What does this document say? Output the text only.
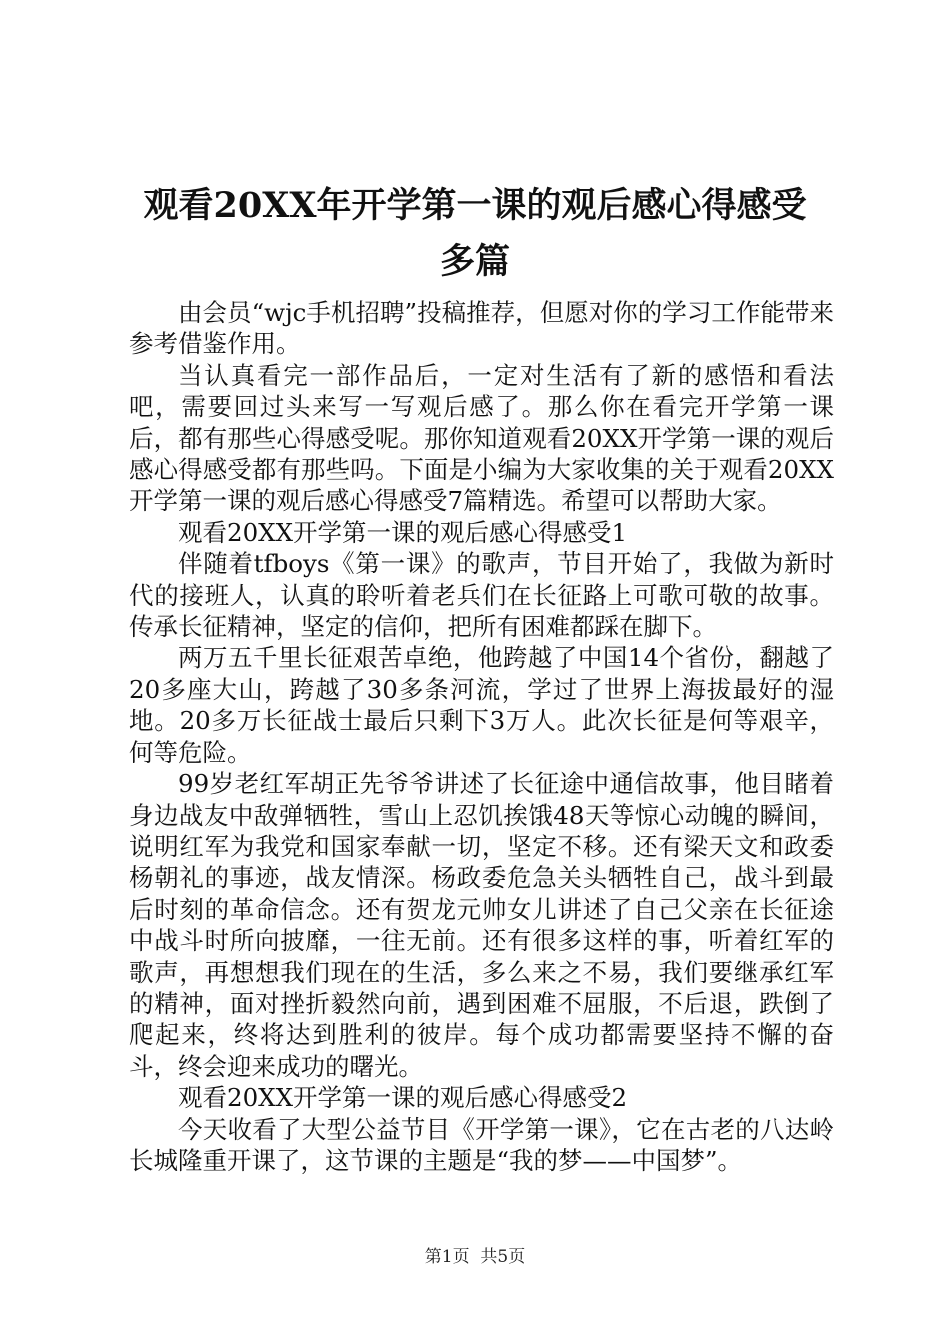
观看20XX年开学第一课的观后感心得感受多篇

由会员“wjc手机招聘”投稿推荐，但愿对你的学习工作能带来参考借鉴作用。

当认真看完一部作品后，一定对生活有了新的感悟和看法吧，需要回过头来写一写观后感了。那么你在看完开学第一课后，都有那些心得感受呢。那你知道观看20XX开学第一课的观后感心得感受都有那些吗。下面是小编为大家收集的关于观看20XX开学第一课的观后感心得感受7篇精选。希望可以帮助大家。

观看20XX开学第一课的观后感心得感受1

伴随着tfboys《第一课》的歌声，节目开始了，我做为新时代的接班人，认真的聆听着老兵们在长征路上可歌可敬的故事。传承长征精神，坚定的信仰，把所有困难都踩在脚下。

两万五千里长征艰苦卓绝，他跨越了中国14个省份，翻越了20多座大山，跨越了30多条河流，学过了世界上海拔最好的湿地。20多万长征战士最后只剩下3万人。此次长征是何等艰辛，何等危险。

99岁老红军胡正先爷爷讲述了长征途中通信故事，他目睹着身边战友中敌弹牺牲，雪山上忍饥挨饿48天等惊心动魄的瞬间，说明红军为我党和国家奉献一切，坚定不移。还有梁天文和政委杨朝礼的事迹，战友情深。杨政委危急关头牺牲自己，战斗到最后时刻的革命信念。还有贺龙元帅女儿讲述了自己父亲在长征途中战斗时所向披靡，一往无前。还有很多这样的事，听着红军的歌声，再想想我们现在的生活，多么来之不易，我们要继承红军的精神，面对挫折毅然向前，遇到困难不屈服，不后退，跌倒了爬起来，终将达到胜利的彼岸。每个成功都需要坚持不懈的奋斗，终会迎来成功的曙光。

观看20XX开学第一课的观后感心得感受2

今天收看了大型公益节目《开学第一课》，它在古老的八达岭长城隆重开课了，这节课的主题是“我的梦——中国梦”。

第1页 共5页
